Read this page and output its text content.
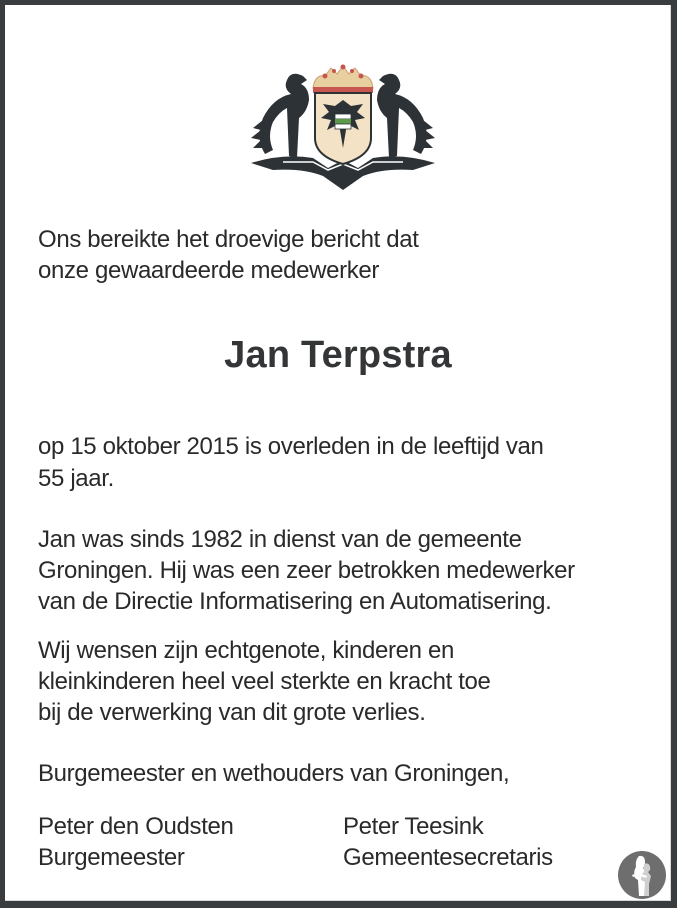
Ons bereikte het droevige bericht dat
onze gewaardeerde medewerker
Jan Terpstra
op 15 oktober 2015 is overleden in de leeftijd van
55 jaar.
Jan was sinds 1982 in dienst van de gemeente
Groningen. Hij was een zeer betrokken medewerker
van de Directie Informatisering en Automatisering.
Wij wensen zijn echtgenote, kinderen en
kleinkinderen heel veel sterkte en kracht toe
bij de verwerking van dit grote verlies.
Burgemeester en wethouders van Groningen,
Peter den Oudsten
Burgemeester
Peter Teesink
Gemeentesecretaris
